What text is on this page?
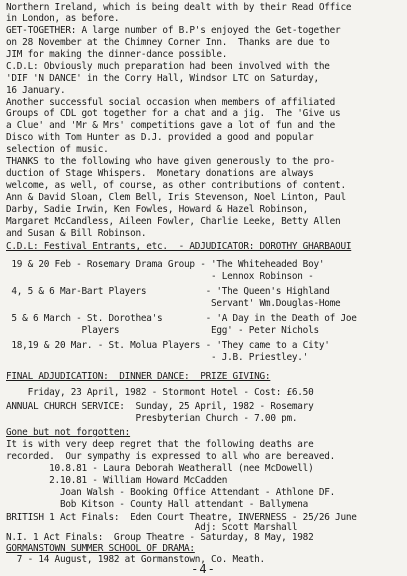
Northern Ireland, which is being dealt with by their Read Office
in London, as before.
GET-TOGETHER: A large number of B.P's enjoyed the Get-together
on 28 November at the Chimney Corner Inn.  Thanks are due to
JIM for making the dinner-dance possible.
C.D.L: Obviously much preparation had been involved with the
'DIF 'N DANCE' in the Corry Hall, Windsor LTC on Saturday,
16 January.
Another successful social occasion when members of affiliated
Groups of CDL got together for a chat and a jig.  The 'Give us
a Clue' and 'Mr & Mrs' competitions gave a lot of fun and the
Disco with Tom Hunter as D.J. provided a good and popular
selection of music.
THANKS to the following who have given generously to the pro-
duction of Stage Whispers.  Monetary donations are always
welcome, as well, of course, as other contributions of content.
Ann & David Sloan, Clem Bell, Iris Stevenson, Noel Linton, Paul
Darby, Sadie Irwin, Ken Fowles, Howard & Hazel Robinson,
Margaret McCandless, Aileen Fowler, Charlie Leeke, Betty Allen
and Susan & Bill Robinson.
C.D.L: Festival Entrants, etc.  - ADJUDICATOR: DOROTHY GHARBAOUI
19 & 20 Feb - Rosemary Drama Group - 'The Whiteheaded Boy'
- Lennox Robinson -
4, 5 & 6 Mar-Bart Players           - 'The Queen's Highland
Servant' Wm.Douglas-Home
5 & 6 March - St. Dorothea's        - 'A Day in the Death of Joe
Players                 Egg' - Peter Nichols
18,19 & 20 Mar. - St. Molua Players - 'They came to a City'
- J.B. Priestley.'
FINAL ADJUDICATION:  DINNER DANCE:  PRIZE GIVING:
Friday, 23 April, 1982 - Stormont Hotel - Cost: £6.50
ANNUAL CHURCH SERVICE:  Sunday, 25 April, 1982 - Rosemary
Presbyterian Church - 7.00 pm.
Gone but not forgotten:
It is with very deep regret that the following deaths are
recorded.  Our sympathy is expressed to all who are bereaved.
10.8.81 - Laura Deborah Weatherall (nee McDowell)
2.10.81 - William Howard McCadden
Joan Walsh - Booking Office Attendant - Athlone DF.
Bob Kitson - County Hall attendant - Ballymena
BRITISH 1 Act Finals:  Eden Court Theatre, INVERNESS - 25/26 June
Adj: Scott Marshall
N.I. 1 Act Finals:  Group Theatre - Saturday, 8 May, 1982
GORMANSTOWN SUMMER SCHOOL OF DRAMA:
7 - 14 August, 1982 at Gormanstown, Co. Meath.
-4-
